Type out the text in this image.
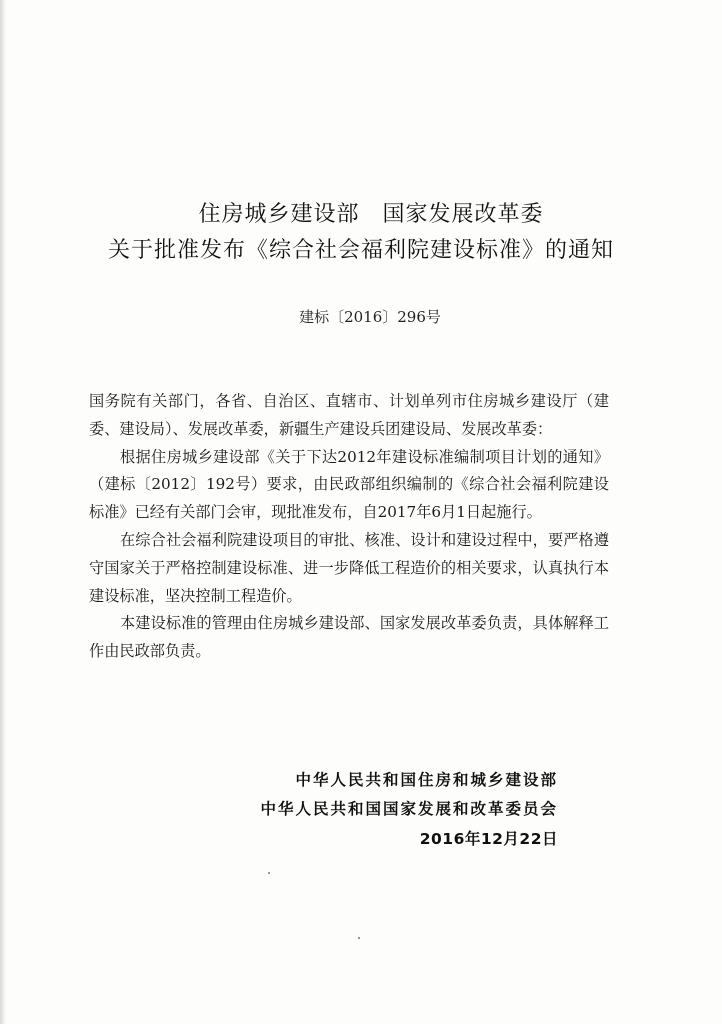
住房城乡建设部　国家发展改革委
关于批准发布《综合社会福利院建设标准》的通知
建标〔2016〕296号

国务院有关部门，各省、自治区、直辖市、计划单列市住房城乡建设厅（建委、建设局）、发展改革委，新疆生产建设兵团建设局、发展改革委：

根据住房城乡建设部《关于下达2012年建设标准编制项目计划的通知》（建标〔2012〕192号）要求，由民政部组织编制的《综合社会福利院建设标准》已经有关部门会审，现批准发布，自2017年6月1日起施行。

在综合社会福利院建设项目的审批、核准、设计和建设过程中，要严格遵守国家关于严格控制建设标准、进一步降低工程造价的相关要求，认真执行本建设标准，坚决控制工程造价。

本建设标准的管理由住房城乡建设部、国家发展改革委负责，具体解释工作由民政部负责。

中华人民共和国住房和城乡建设部
中华人民共和国国家发展和改革委员会
2016年12月22日
